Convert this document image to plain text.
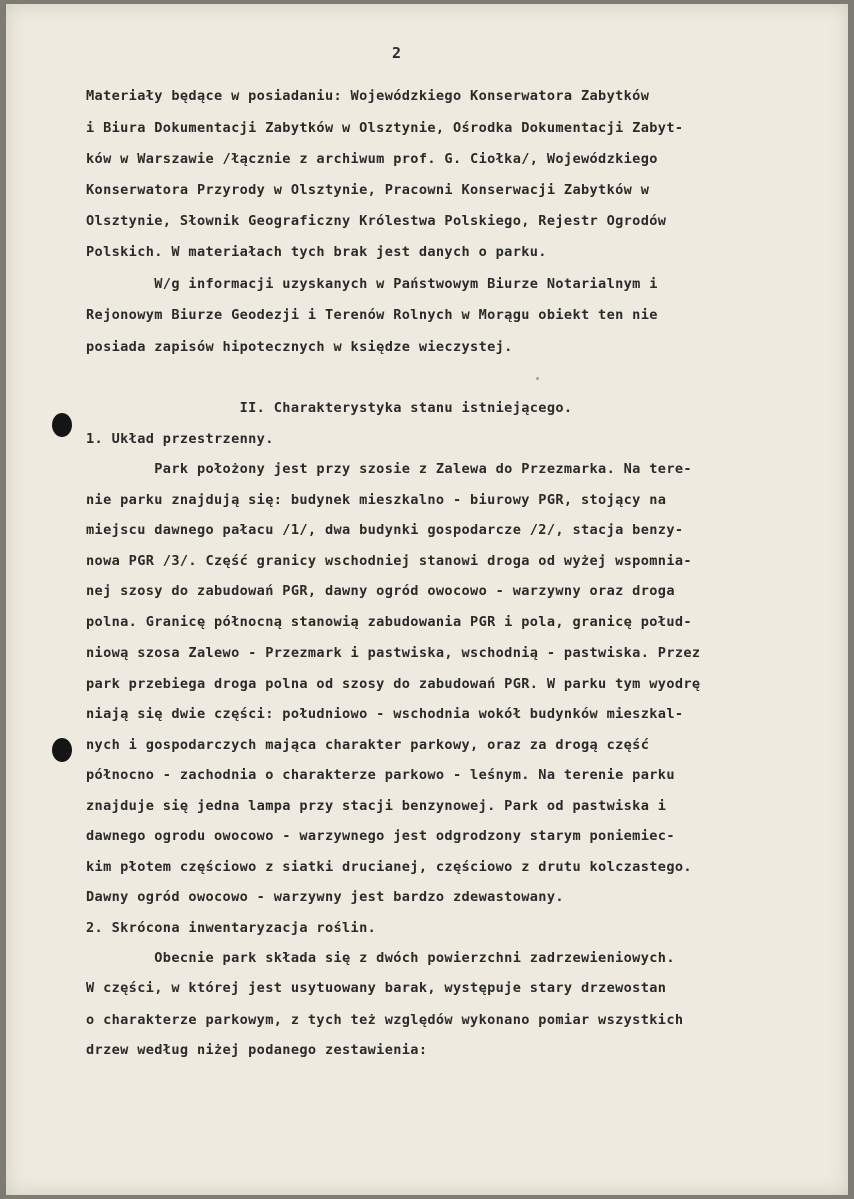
2
Materiały będące w posiadaniu: Wojewódzkiego Konserwatora Zabytków
i Biura Dokumentacji Zabytków w Olsztynie, Ośrodka Dokumentacji Zabyt-
ków w Warszawie /łącznie z archiwum prof. G. Ciołka/, Wojewódzkiego
Konserwatora Przyrody w Olsztynie, Pracowni Konserwacji Zabytków w
Olsztynie, Słownik Geograficzny Królestwa Polskiego, Rejestr Ogrodów
Polskich. W materiałach tych brak jest danych o parku.
W/g informacji uzyskanych w Państwowym Biurze Notarialnym i
Rejonowym Biurze Geodezji i Terenów Rolnych w Morągu obiekt ten nie
posiada zapisów hipotecznych w księdze wieczystej.
II. Charakterystyka stanu istniejącego.
1. Układ przestrzenny.
Park położony jest przy szosie z Zalewa do Przezmarka. Na tere-
nie parku znajdują się: budynek mieszkalno - biurowy PGR, stojący na
miejscu dawnego pałacu /1/, dwa budynki gospodarcze /2/, stacja benzy-
nowa PGR /3/. Część granicy wschodniej stanowi droga od wyżej wspomnia-
nej szosy do zabudowań PGR, dawny ogród owocowo - warzywny oraz droga
polna. Granicę północną stanowią zabudowania PGR i pola, granicę połud-
niową szosa Zalewo - Przezmark i pastwiska, wschodnią - pastwiska. Przez
park przebiega droga polna od szosy do zabudowań PGR. W parku tym wyodrę
niają się dwie części: południowo - wschodnia wokół budynków mieszkal-
nych i gospodarczych mająca charakter parkowy, oraz za drogą część
północno - zachodnia o charakterze parkowo - leśnym. Na terenie parku
znajduje się jedna lampa przy stacji benzynowej. Park od pastwiska i
dawnego ogrodu owocowo - warzywnego jest odgrodzony starym poniemiec-
kim płotem częściowo z siatki drucianej, częściowo z drutu kolczastego.
Dawny ogród owocowo - warzywny jest bardzo zdewastowany.
2. Skrócona inwentaryzacja roślin.
Obecnie park składa się z dwóch powierzchni zadrzewieniowych.
W części, w której jest usytuowany barak, występuje stary drzewostan
o charakterze parkowym, z tych też względów wykonano pomiar wszystkich
drzew według niżej podanego zestawienia:
